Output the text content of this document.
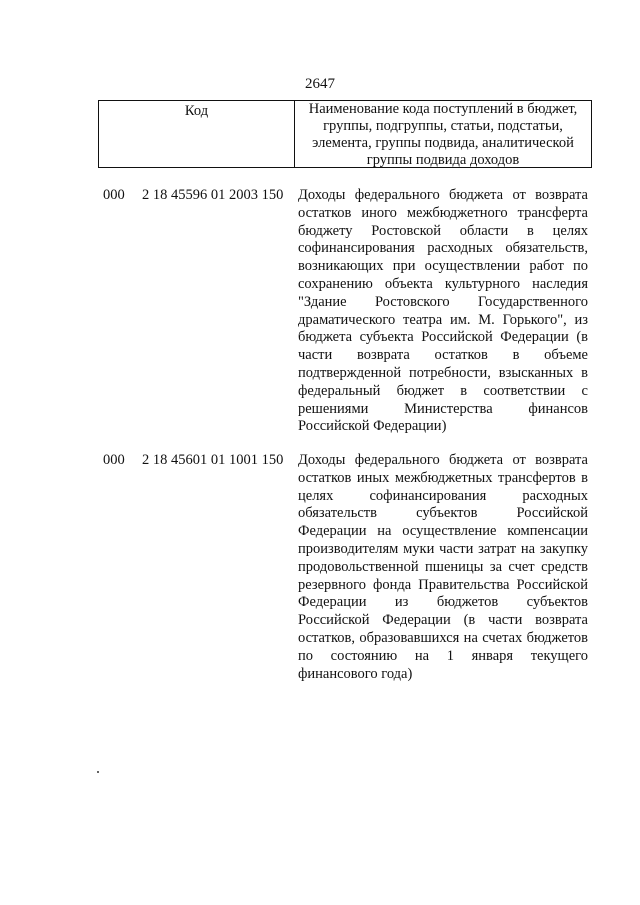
2647
Код	Наименование кода поступлений в бюджет,
группы, подгруппы, статьи, подстатьи,
элемента, группы подвида, аналитической
группы подвида доходов
000 2 18 45596 01 2003 150 Доходы федерального бюджета от возврата
остатков иного межбюджетного трансферта
бюджету Ростовской области в целях
софинансирования расходных обязательств,
возникающих при осуществлении работ по
сохранению объекта культурного наследия
"Здание Ростовского Государственного
драматического театра им. М. Горького", из
бюджета субъекта Российской Федерации (в
части возврата остатков в объеме
подтвержденной потребности, взысканных в
федеральный бюджет в соответствии с
решениями Министерства финансов
Российской Федерации)
000 2 18 45601 01 1001 150 Доходы федерального бюджета от возврата
остатков иных межбюджетных трансфертов в
целях софинансирования расходных
обязательств субъектов Российской
Федерации на осуществление компенсации
производителям муки части затрат на закупку
продовольственной пшеницы за счет средств
резервного фонда Правительства Российской
Федерации из бюджетов субъектов
Российской Федерации (в части возврата
остатков, образовавшихся на счетах бюджетов
по состоянию на 1 января текущего
финансового года)
